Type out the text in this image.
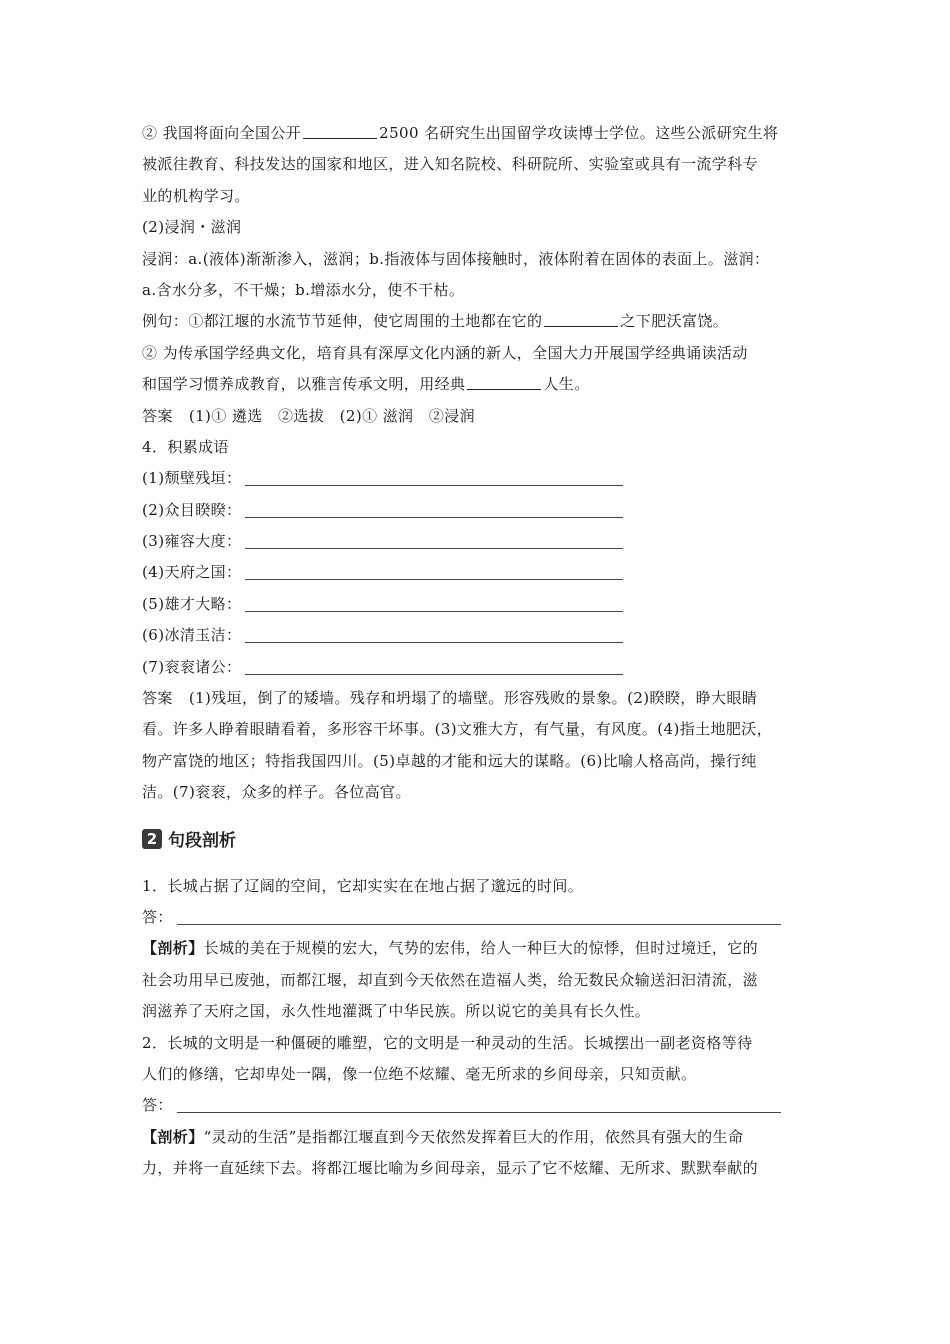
② 我国将面向全国公开	2500 名研究生出国留学攻读博士学位。这些公派研究生将
被派往教育、科技发达的国家和地区，进入知名院校、科研院所、实验室或具有一流学科专
业的机构学习。
(2)浸润・滋润
浸润：a.(液体)渐渐渗入，滋润；b.指液体与固体接触时，液体附着在固体的表面上。滋润：
a.含水分多，不干燥；b.增添水分，使不干枯。
例句：①都江堰的水流节节延伸，使它周围的土地都在它的	之下肥沃富饶。
② 为传承国学经典文化，培育具有深厚文化内涵的新人，全国大力开展国学经典诵读活动
和国学习惯养成教育，以雅言传承文明，用经典	人生。
答案 (1)① 遴选　②选拔　(2)① 滋润　②浸润
4．积累成语
(1)颓壁残垣：
(2)众目睽睽：
(3)雍容大度：
(4)天府之国：
(5)雄才大略：
(6)冰清玉洁：
(7)衮衮诸公：
答案 (1)残垣，倒了的矮墙。残存和坍塌了的墙壁。形容残败的景象。(2)睽睽，睁大眼睛
看。许多人睁着眼睛看着，多形容干坏事。(3)文雅大方，有气量，有风度。(4)指土地肥沃，
物产富饶的地区；特指我国四川。(5)卓越的才能和远大的谋略。(6)比喻人格高尚，操行纯
洁。(7)衮衮，众多的样子。各位高官。
2 句段剖析
1．长城占据了辽阔的空间，它却实实在在地占据了邈远的时间。
答：
【剖析】长城的美在于规模的宏大，气势的宏伟，给人一种巨大的惊悸，但时过境迁，它的
社会功用早已废弛，而都江堰，却直到今天依然在造福人类，给无数民众输送汩汩清流，滋
润滋养了天府之国，永久性地灌溉了中华民族。所以说它的美具有长久性。
2．长城的文明是一种僵硬的雕塑，它的文明是一种灵动的生活。长城摆出一副老资格等待
人们的修缮，它却卑处一隅，像一位绝不炫耀、毫无所求的乡间母亲，只知贡献。
答：
【剖析】“灵动的生活”是指都江堰直到今天依然发挥着巨大的作用，依然具有强大的生命
力，并将一直延续下去。将都江堰比喻为乡间母亲，显示了它不炫耀、无所求、默默奉献的
